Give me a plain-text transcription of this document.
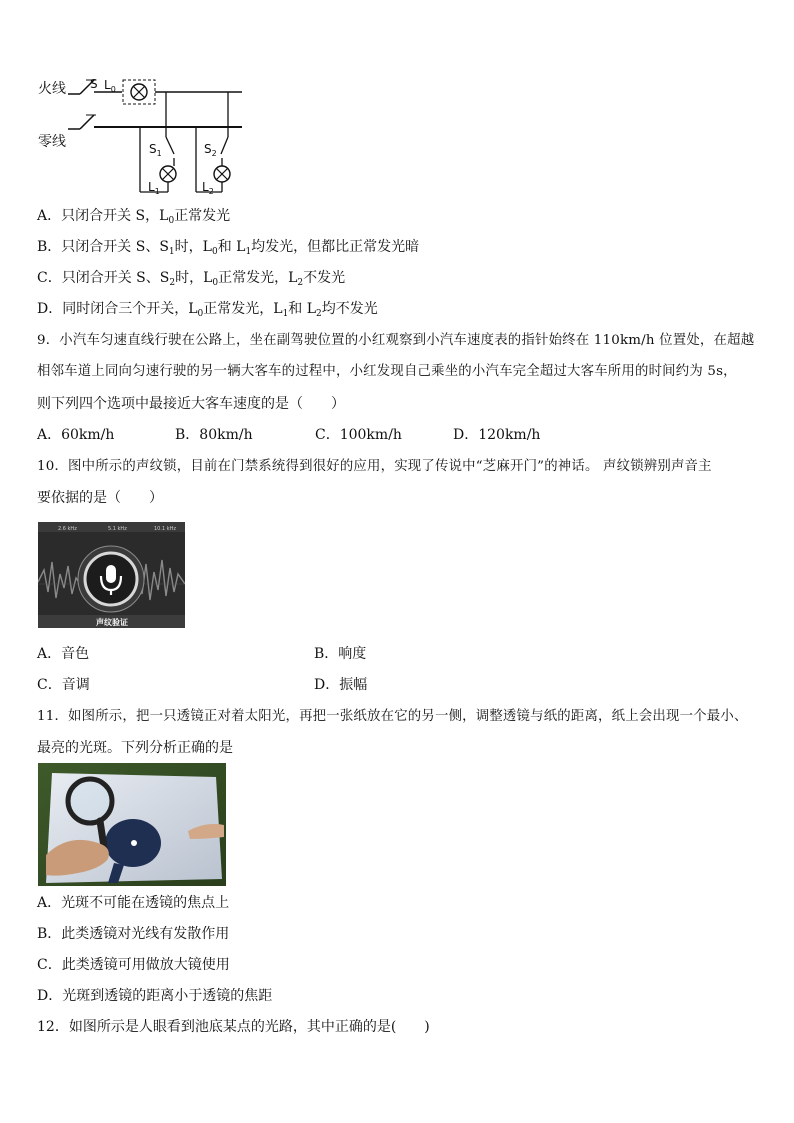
火线
零线
S $L_0$
$S_1$
$L_1$
$S_2$
$L_2$
A．只闭合开关 S，$L_0$正常发光
B．只闭合开关 S、$S_1$时，$L_0$和 $L_1$均发光，但都比正常发光暗
C．只闭合开关 S、$S_2$时，$L_0$正常发光，$L_2$不发光
D．同时闭合三个开关，$L_0$正常发光，$L_1$和 $L_2$均不发光
9．小汽车匀速直线行驶在公路上，坐在副驾驶位置的小红观察到小汽车速度表的指针始终在 110km/h 位置处，在超越
相邻车道上同向匀速行驶的另一辆大客车的过程中，小红发现自己乘坐的小汽车完全超过大客车所用的时间约为 5s，
则下列四个选项中最接近大客车速度的是（　　）
A．60km/h	B．80km/h	C．100km/h	D．120km/h
10．图中所示的声纹锁，目前在门禁系统得到很好的应用，实现了传说中“芝麻开门”的神话。 声纹锁辨别声音主
要依据的是（　　）
2.6 kHz	5.1 kHz	10.1 kHz
声纹验证
A．音色	B．响度
C．音调	D．振幅
11．如图所示，把一只透镜正对着太阳光，再把一张纸放在它的另一侧，调整透镜与纸的距离，纸上会出现一个最小、
最亮的光斑。下列分析正确的是
A．光斑不可能在透镜的焦点上
B．此类透镜对光线有发散作用
C．此类透镜可用做放大镜使用
D．光斑到透镜的距离小于透镜的焦距
12．如图所示是人眼看到池底某点的光路，其中正确的是(　　)
